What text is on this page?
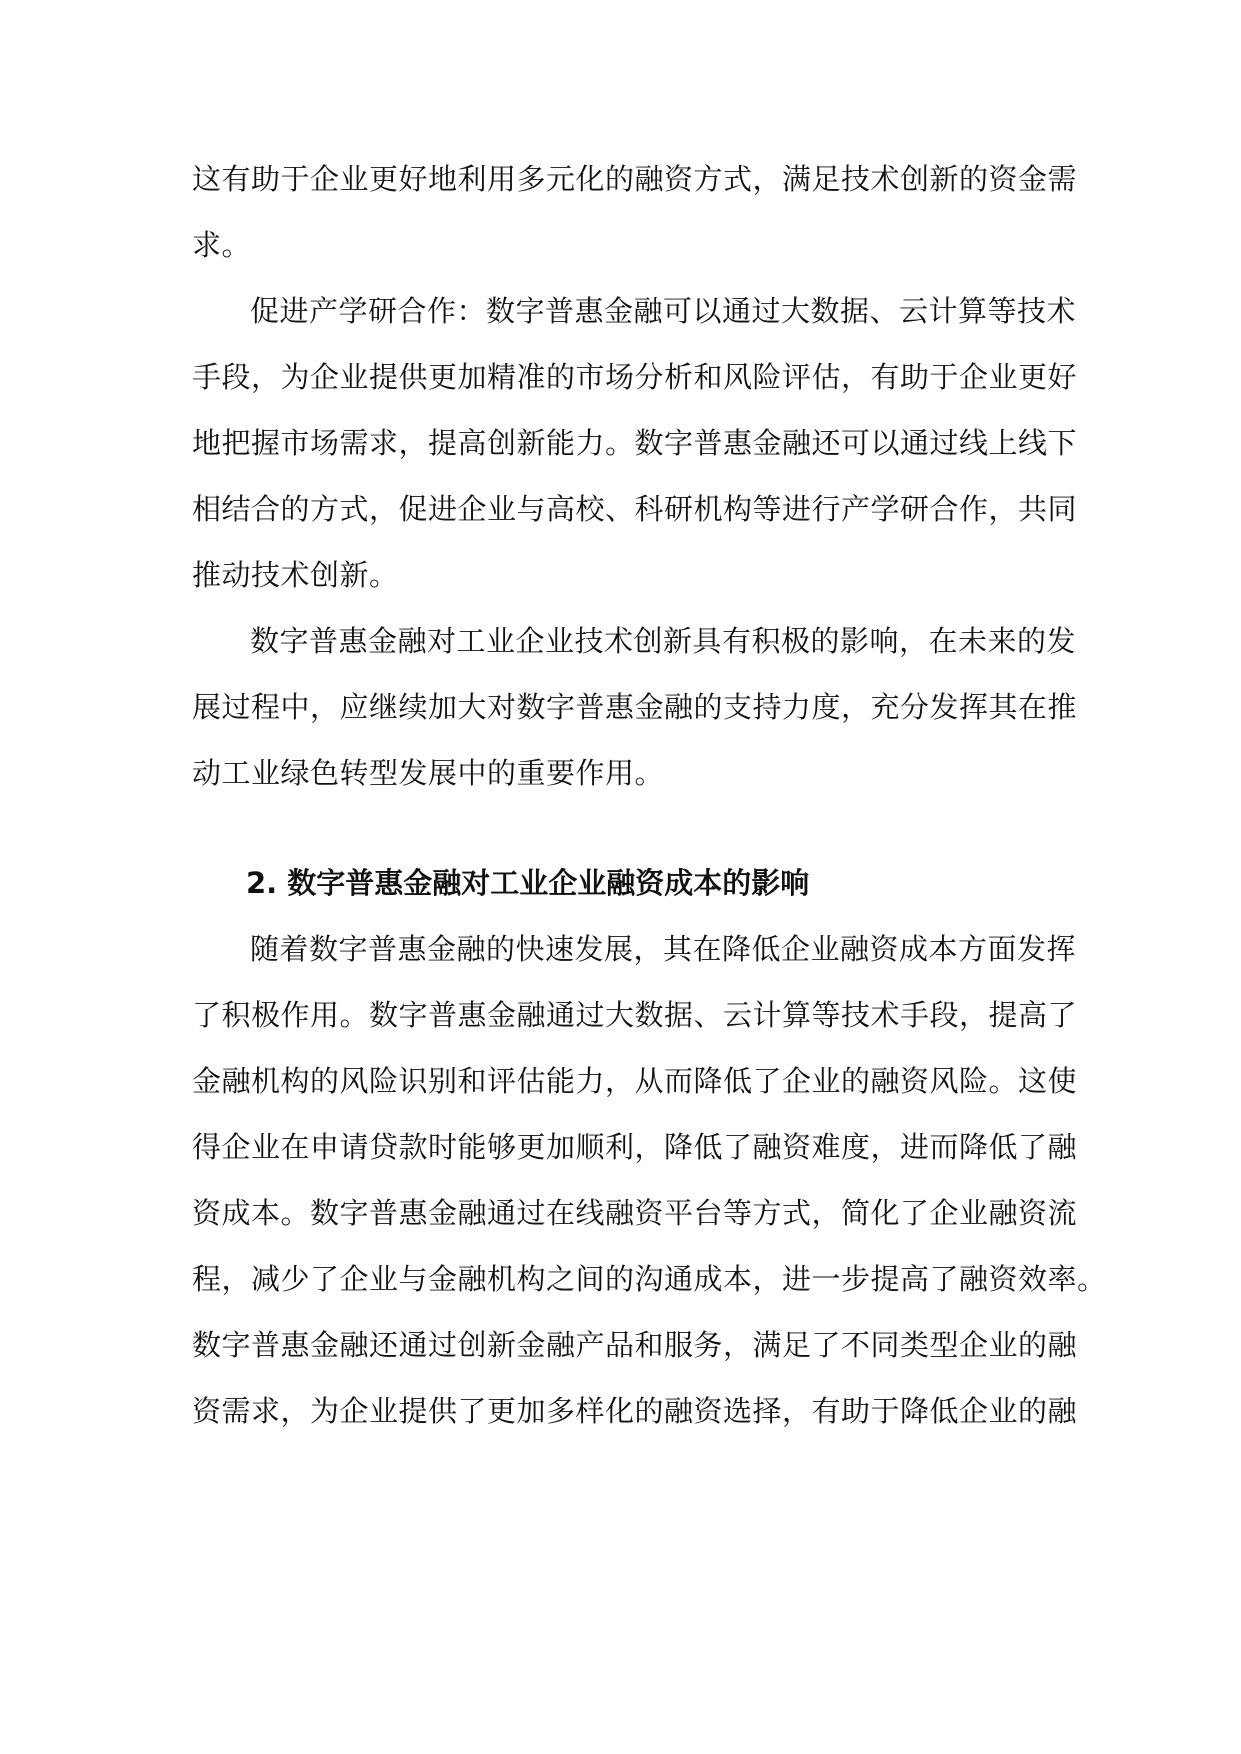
这有助于企业更好地利用多元化的融资方式，满足技术创新的资金需
求。
促进产学研合作：数字普惠金融可以通过大数据、云计算等技术
手段，为企业提供更加精准的市场分析和风险评估，有助于企业更好
地把握市场需求，提高创新能力。数字普惠金融还可以通过线上线下
相结合的方式，促进企业与高校、科研机构等进行产学研合作，共同
推动技术创新。
数字普惠金融对工业企业技术创新具有积极的影响，在未来的发
展过程中，应继续加大对数字普惠金融的支持力度，充分发挥其在推
动工业绿色转型发展中的重要作用。
2. 数字普惠金融对工业企业融资成本的影响
随着数字普惠金融的快速发展，其在降低企业融资成本方面发挥
了积极作用。数字普惠金融通过大数据、云计算等技术手段，提高了
金融机构的风险识别和评估能力，从而降低了企业的融资风险。这使
得企业在申请贷款时能够更加顺利，降低了融资难度，进而降低了融
资成本。数字普惠金融通过在线融资平台等方式，简化了企业融资流
程，减少了企业与金融机构之间的沟通成本，进一步提高了融资效率。
数字普惠金融还通过创新金融产品和服务，满足了不同类型企业的融
资需求，为企业提供了更加多样化的融资选择，有助于降低企业的融
